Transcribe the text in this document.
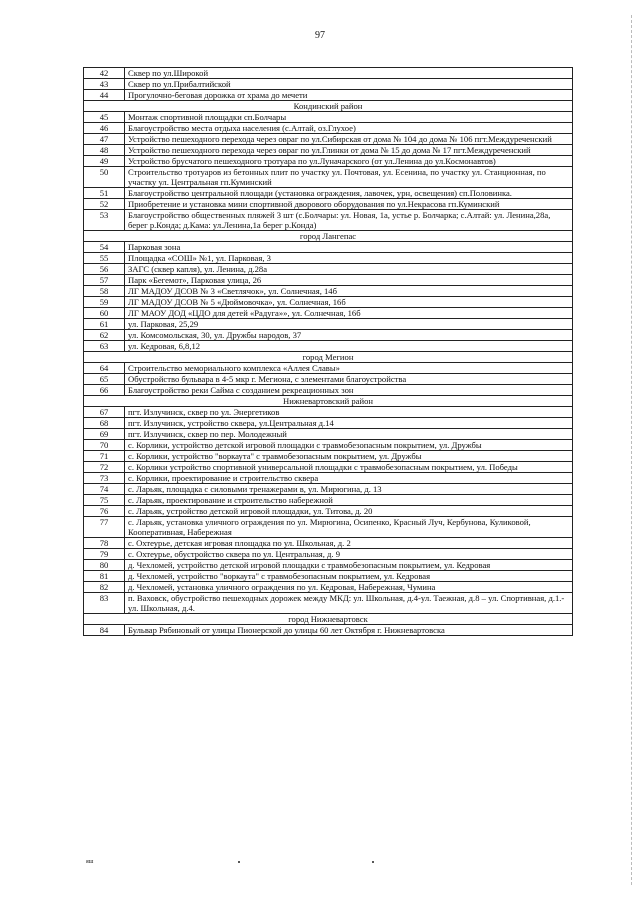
97
42	Сквер по ул.Широкой
43	Сквер по ул.Прибалтийской
44	Прогулочно-беговая дорожка от храма до мечети
Кондинский район	
45	Монтаж спортивной площадки сп.Болчары
46	Благоустройство места отдыха населения (с.Алтай, оз.Глухое)
47	Устройство пешеходного перехода через овраг по ул.Сибирская от дома № 104 до дома № 106 пгт.Междуреченский
48	Устройство пешеходного перехода через овраг по ул.Глинки от дома № 15 до дома № 17 пгт.Междуреченский
49	Устройство брусчатого пешеходного тротуара по ул.Луначарского (от ул.Ленина до ул.Космонавтов)
50	Строительство тротуаров из бетонных плит по участку ул. Почтовая, ул. Есенина, по участку ул. Станционная, по участку ул. Центральная гп.Куминский
51	Благоустройство центральной площади (установка ограждения, лавочек, урн, освещения) сп.Половинка.
52	Приобретение и установка мини спортивной дворового оборудования по ул.Некрасова гп.Куминский
53	Благоустройство общественных пляжей 3 шт (с.Болчары: ул. Новая, 1а, устье р. Болчарка; с.Алтай: ул. Ленина,28а, берег р.Конда; д.Кама: ул.Ленина,1а берег р.Конда)
город Лангепас	
54	Парковая зона
55	Площадка «СОШ» №1, ул. Парковая, 3
56	ЗАГС (сквер капля), ул. Ленина, д.28а
57	Парк «Бегемот», Парковая улица, 26
58	ЛГ МАДОУ ДСОВ № 3 «Светлячок», ул. Солнечная, 14б
59	ЛГ МАДОУ ДСОВ № 5 «Дюймовочка», ул. Солнечная, 16б
60	ЛГ МАОУ ДОД «ЦДО для детей «Радуга»», ул. Солнечная, 16б
61	ул. Парковая, 25,29
62	ул. Комсомольская, 30, ул. Дружбы народов, 37
63	ул. Кедровая, 6,8,12
город Мегион	
64	Строительство мемориального комплекса «Аллея Славы»
65	Обустройство бульвара в 4-5 мкр г. Мегиона, с элементами благоустройства
66	Благоустройство реки Сайма с созданием рекреационных зон
Нижневартовский район	
67	пгт. Излучинск, сквер по ул. Энергетиков
68	пгт. Излучинск, устройство сквера, ул.Центральная д.14
69	пгт. Излучинск, сквер по пер. Молодежный
70	с. Корлики, устройство детской игровой площадки с травмобезопасным покрытием, ул. Дружбы
71	с. Корлики, устройство "воркаута" с травмобезопасным покрытием, ул. Дружбы
72	с. Корлики устройство спортивной универсальной площадки с травмобезопасным покрытием, ул. Победы
73	с. Корлики, проектирование и строительство сквера
74	с. Ларьяк, площадка с силовыми тренажерами в, ул. Мирюгина, д. 13
75	с. Ларьяк, проектирование и строительство набережной
76	с. Ларьяк, устройство детской игровой площадки, ул. Титова, д. 20
77	с. Ларьяк, установка уличного ограждения по ул. Мирюгина, Осипенко, Красный Луч, Кербунова, Куликовой, Кооперативная, Набережная
78	с. Охтеурье, детская игровая площадка по ул. Школьная, д. 2
79	с. Охтеурье, обустройство сквера по ул. Центральная, д. 9
80	д. Чехломей, устройство детской игровой площадки с травмобезопасным покрытием, ул. Кедровая
81	д. Чехломей, устройство "воркаута" с травмобезопасным покрытием, ул. Кедровая
82	д. Чехломей, установка уличного ограждения по ул. Кедровая, Набережная, Чумина
83	п. Ваховск, обустройство пешеходных дорожек между МКД: ул. Школьная, д.4-ул. Таежная, д.8 – ул. Спортивная, д.1.- ул. Школьная, д.4.
город Нижневартовск	
84	Бульвар Рябиновый от улицы Пионерской до улицы 60 лет Октября г. Нижневартовска
яш
